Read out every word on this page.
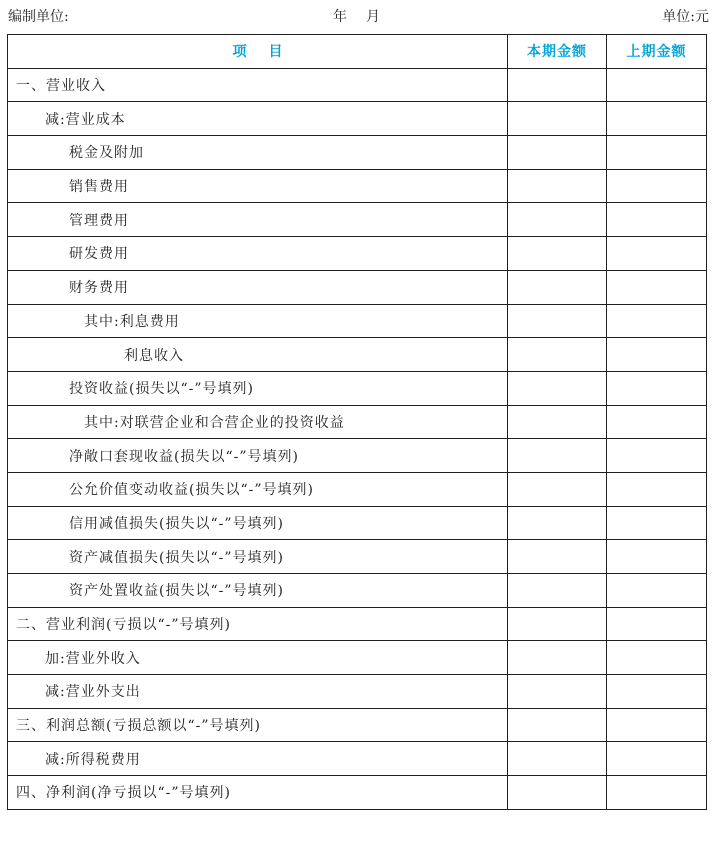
编制单位:	年 月	单位:元
项 目	本期金额	上期金额
一、营业收入		
减:营业成本		
税金及附加		
销售费用		
管理费用		
研发费用		
财务费用		
其中:利息费用		
利息收入		
投资收益(损失以“-”号填列)		
其中:对联营企业和合营企业的投资收益		
净敞口套现收益(损失以“-”号填列)		
公允价值变动收益(损失以“-”号填列)		
信用减值损失(损失以“-”号填列)		
资产减值损失(损失以“-”号填列)		
资产处置收益(损失以“-”号填列)		
二、营业利润(亏损以“-”号填列)		
加:营业外收入		
减:营业外支出		
三、利润总额(亏损总额以“-”号填列)		
减:所得税费用		
四、净利润(净亏损以“-”号填列)		
